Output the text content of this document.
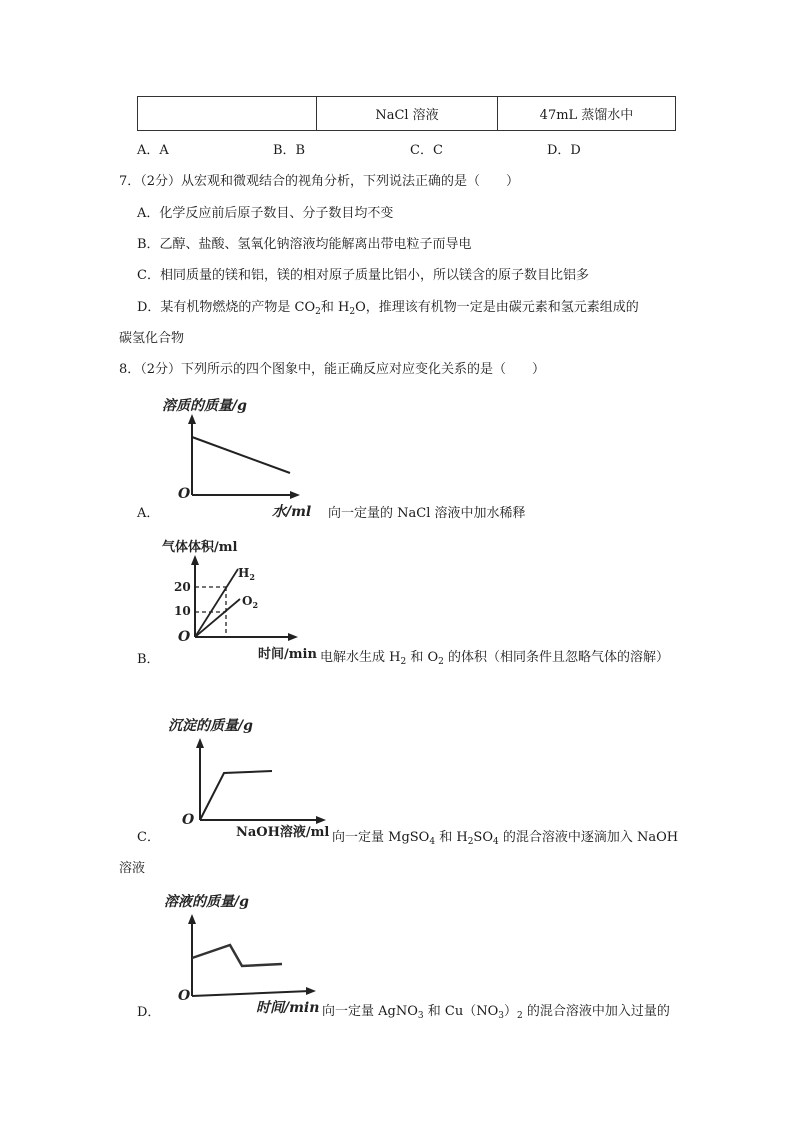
	NaCl 溶液	47mL 蒸馏水中
A．A	B．B	C．C	D．D
7．（2分）从宏观和微观结合的视角分析，下列说法正确的是（　　）
A．化学反应前后原子数目、分子数目均不变
B．乙醇、盐酸、氢氧化钠溶液均能解离出带电粒子而导电
C．相同质量的镁和铝，镁的相对原子质量比铝小，所以镁含的原子数目比铝多
D．某有机物燃烧的产物是 $CO_2$和 $H_2O$，推理该有机物一定是由碳元素和氢元素组成的
碳氢化合物
8．（2分）下列所示的四个图象中，能正确反应对应变化关系的是（　　）
A．
溶质的质量/g
O
水/ml 向一定量的 NaCl 溶液中加水稀释
B．
气体体积/ml
O
20
10
$H_2$
$O_2$
时间/min 电解水生成 $H_2$ 和 $O_2$ 的体积（相同条件且忽略气体的溶解）
C．
沉淀的质量/g
O
NaOH溶液/ml 向一定量 MgSO$_4$ 和 $H_2SO_4$ 的混合溶液中逐滴加入 NaOH
溶液
D．
溶液的质量/g
O
时间/min 向一定量 AgNO$_3$ 和 $Cu(NO_3)_2$ 的混合溶液中加入过量的
